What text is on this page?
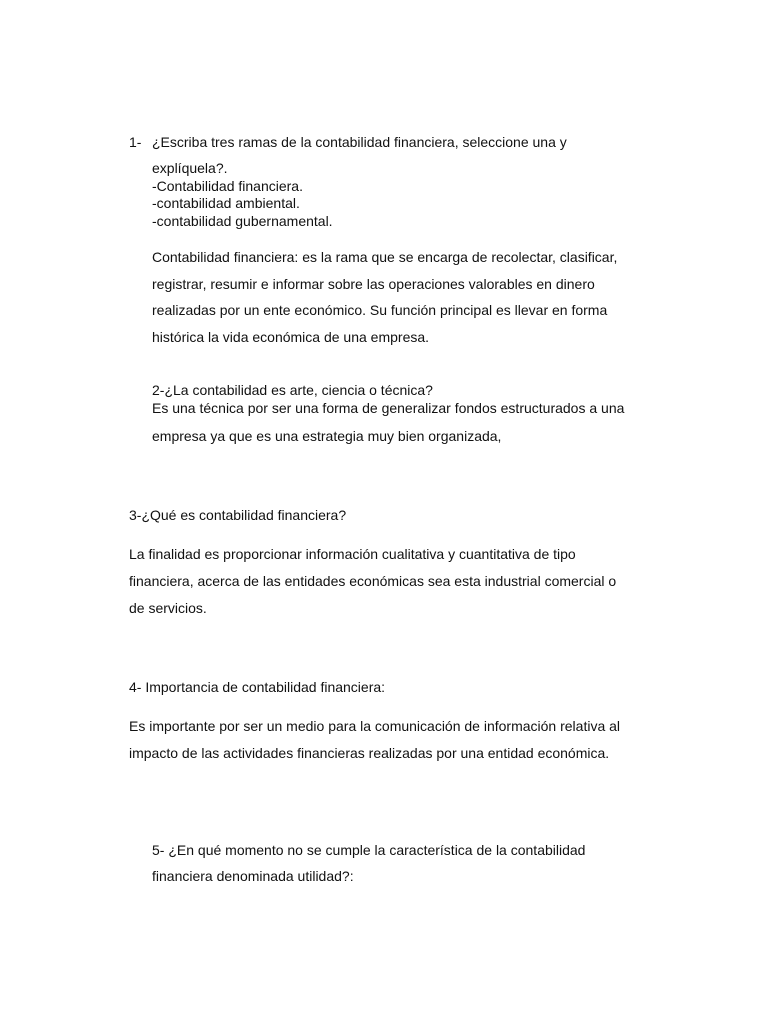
1- ¿Escriba tres ramas de la contabilidad financiera, seleccione una y

explíquela?.

-Contabilidad financiera.

-contabilidad ambiental.

-contabilidad gubernamental.

Contabilidad financiera: es la rama que se encarga de recolectar, clasificar,

registrar, resumir e informar sobre las operaciones valorables en dinero

realizadas por un ente económico. Su función principal es llevar en forma

histórica la vida económica de una empresa.

2-¿La contabilidad es arte, ciencia o técnica?

Es una técnica por ser una forma de generalizar fondos estructurados a una

empresa ya que es una estrategia muy bien organizada,

3-¿Qué es contabilidad financiera?

La finalidad es proporcionar información cualitativa y cuantitativa de tipo

financiera, acerca de las entidades económicas sea esta industrial comercial o

de servicios.

4- Importancia de contabilidad financiera:

Es importante por ser un medio para la comunicación de información relativa al

impacto de las actividades financieras realizadas por una entidad económica.

5- ¿En qué momento no se cumple la característica de la contabilidad

financiera denominada utilidad?:
